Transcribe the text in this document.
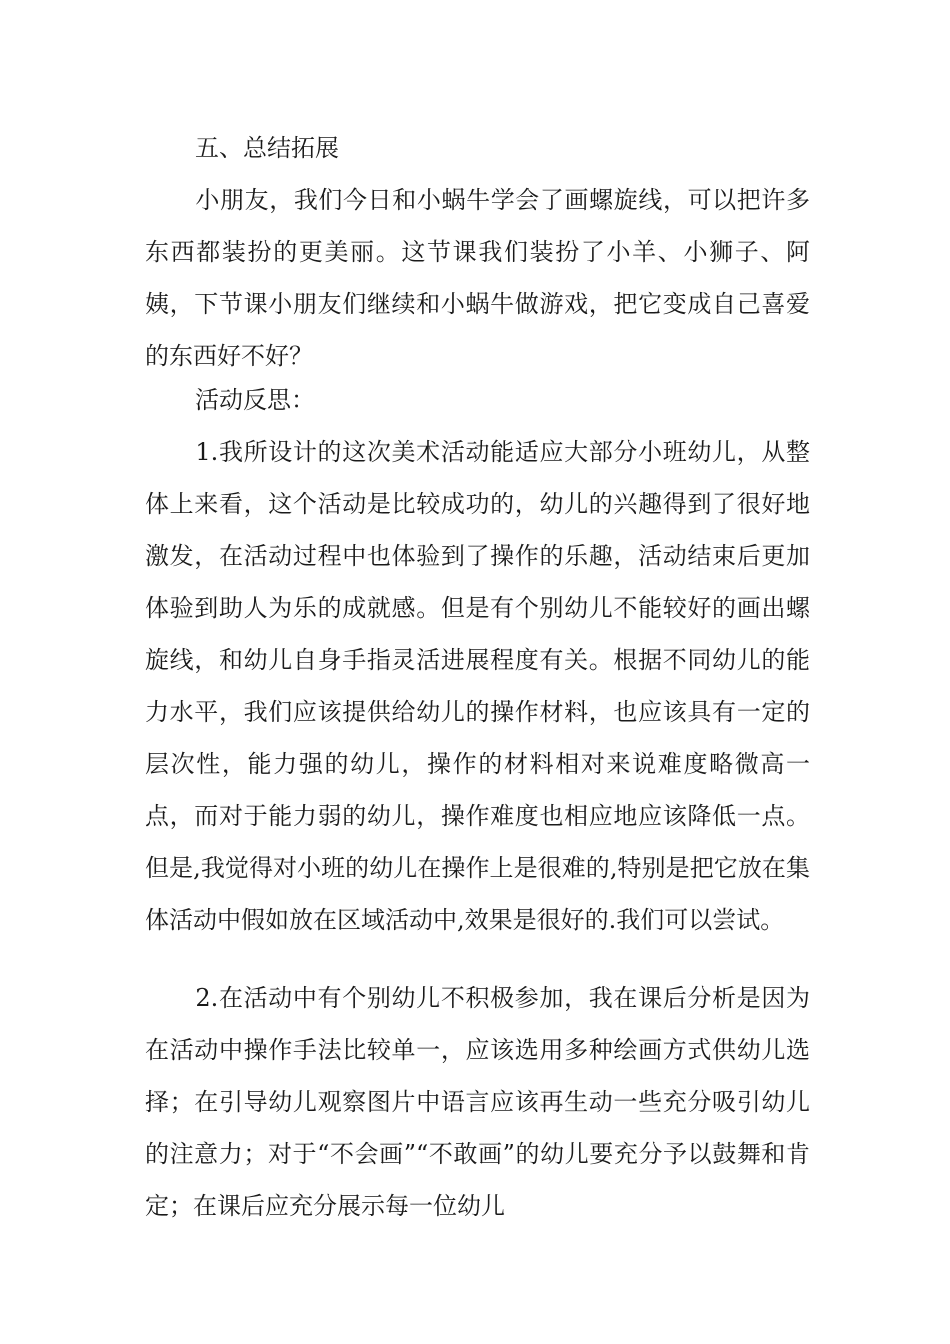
五、总结拓展

小朋友，我们今日和小蜗牛学会了画螺旋线，可以把许多东西都装扮的更美丽。这节课我们装扮了小羊、小狮子、阿姨，下节课小朋友们继续和小蜗牛做游戏，把它变成自己喜爱的东西好不好？

活动反思：

1.我所设计的这次美术活动能适应大部分小班幼儿，从整体上来看，这个活动是比较成功的，幼儿的兴趣得到了很好地激发，在活动过程中也体验到了操作的乐趣，活动结束后更加体验到助人为乐的成就感。但是有个别幼儿不能较好的画出螺旋线，和幼儿自身手指灵活进展程度有关。根据不同幼儿的能力水平，我们应该提供给幼儿的操作材料，也应该具有一定的层次性，能力强的幼儿，操作的材料相对来说难度略微高一点，而对于能力弱的幼儿，操作难度也相应地应该降低一点。但是,我觉得对小班的幼儿在操作上是很难的,特别是把它放在集体活动中假如放在区域活动中,效果是很好的.我们可以尝试。

2.在活动中有个别幼儿不积极参加，我在课后分析是因为在活动中操作手法比较单一，应该选用多种绘画方式供幼儿选择；在引导幼儿观察图片中语言应该再生动一些充分吸引幼儿的注意力；对于“不会画”“不敢画”的幼儿要充分予以鼓舞和肯定；在课后应充分展示每一位幼儿
